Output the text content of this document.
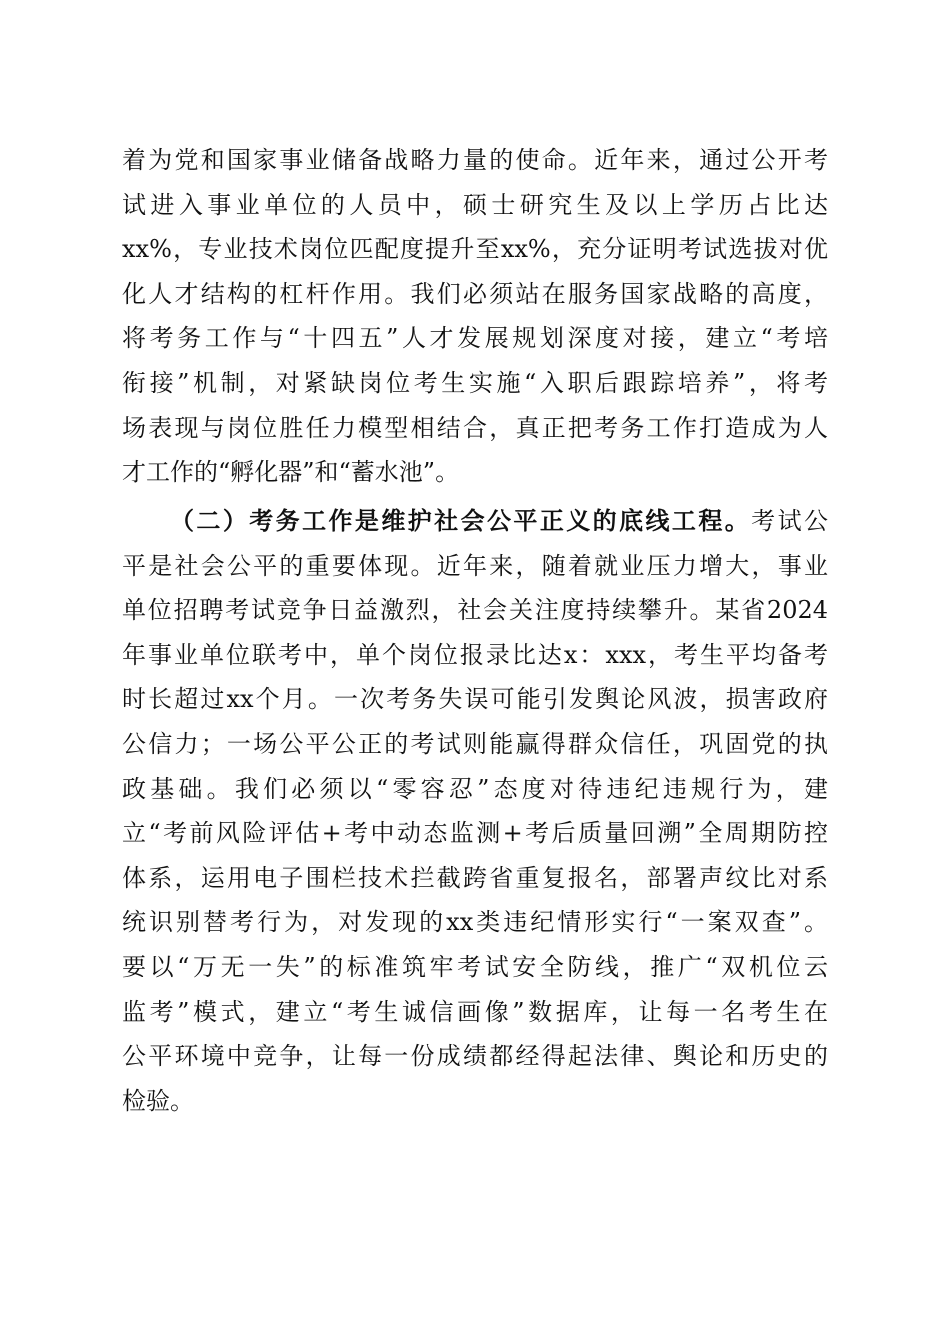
着为党和国家事业储备战略力量的使命。近年来，通过公开考
试进入事业单位的人员中，硕士研究生及以上学历占比达
xx%，专业技术岗位匹配度提升至xx%，充分证明考试选拔对优
化人才结构的杠杆作用。我们必须站在服务国家战略的高度，
将考务工作与“十四五”人才发展规划深度对接，建立“考培
衔接”机制，对紧缺岗位考生实施“入职后跟踪培养”，将考
场表现与岗位胜任力模型相结合，真正把考务工作打造成为人
才工作的“孵化器”和“蓄水池”。
（二）考务工作是维护社会公平正义的底线工程。考试公
平是社会公平的重要体现。近年来，随着就业压力增大，事业
单位招聘考试竞争日益激烈，社会关注度持续攀升。某省2024
年事业单位联考中，单个岗位报录比达x：xxx，考生平均备考
时长超过xx个月。一次考务失误可能引发舆论风波，损害政府
公信力；一场公平公正的考试则能赢得群众信任，巩固党的执
政基础。我们必须以“零容忍”态度对待违纪违规行为，建
立“考前风险评估+考中动态监测+考后质量回溯”全周期防控
体系，运用电子围栏技术拦截跨省重复报名，部署声纹比对系
统识别替考行为，对发现的xx类违纪情形实行“一案双查”。
要以“万无一失”的标准筑牢考试安全防线，推广“双机位云
监考”模式，建立“考生诚信画像”数据库，让每一名考生在
公平环境中竞争，让每一份成绩都经得起法律、舆论和历史的
检验。
